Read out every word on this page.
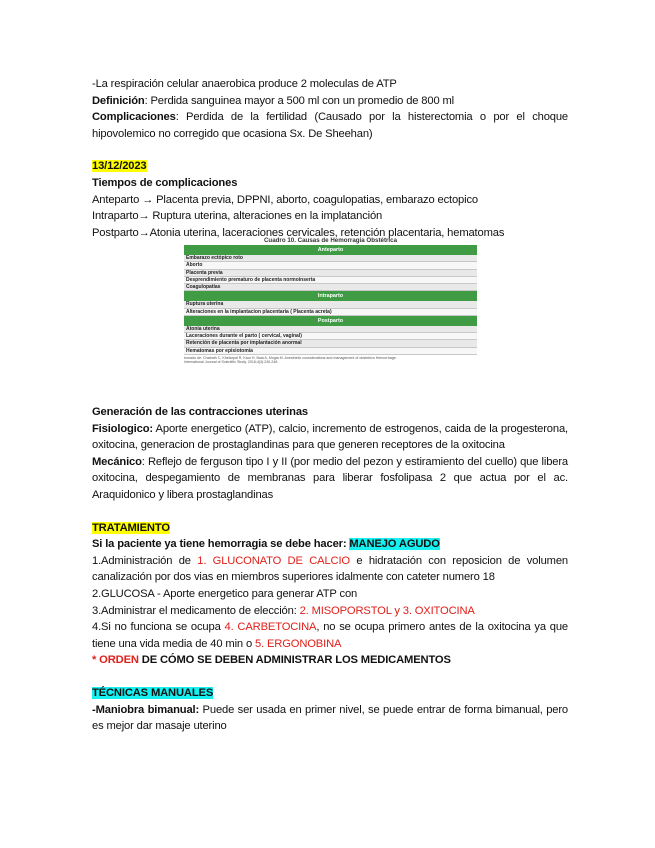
-La respiración celular anaerobica produce 2 moleculas de ATP
Definición: Perdida sanguinea mayor a 500 ml con un promedio de 800 ml
Complicaciones: Perdida de la fertilidad (Causado por la histerectomia o por el choque hipovolemico no corregido que ocasiona Sx. De Sheehan)
13/12/2023
Tiempos de complicaciones
Anteparto → Placenta previa, DPPNI, aborto, coagulopatias, embarazo ectopico
Intraparto→ Ruptura uterina, alteraciones en la implatanción
Postparto→Atonia uterina, laceraciones cervicales, retención placentaria, hematomas
Cuadro 10. Causas de Hemorragia Obstétrica
Anteparto
Embarazo ectópico roto
Aborto
Placenta previa
Desprendimiento prematuro de placenta normoinserta
Coagulopatías
Intraparto
Ruptura uterina
Alteraciones en la implantacion placentaria ( Placenta acreta)
Postparto
Atonía uterina
Laceraciones durante el parto ( cervical, vaginal)
Retención de placenta por implantación anormal
Hematomas por episiotomía
tomado de: Chatrath C, Khetarpal R, Kaur H, Bala A, Mogla M. Anesthetic considerations and management of obstetrics Hemorrhage.
International Journal of Scientific Study. 2016;4(3):240-248
Generación de las contracciones uterinas
Fisiologico: Aporte energetico (ATP), calcio, incremento de estrogenos, caida de la progesterona, oxitocina, generacion de prostaglandinas para que generen receptores de la oxitocina
Mecánico: Reflejo de ferguson tipo I y II (por medio del pezon y estiramiento del cuello) que libera oxitocina, despegamiento de membranas para liberar fosfolipasa 2 que actua por el ac. Araquidonico y libera prostaglandinas
TRATAMIENTO
Si la paciente ya tiene hemorragia se debe hacer: MANEJO AGUDO
1.Administración de 1. GLUCONATO DE CALCIO e hidratación con reposicion de volumen canalización por dos vias en miembros superiores idalmente con cateter numero 18
2.GLUCOSA - Aporte energetico para generar ATP con
3.Administrar el medicamento de elección: 2. MISOPORSTOL y 3. OXITOCINA
4.Si no funciona se ocupa 4. CARBETOCINA, no se ocupa primero antes de la oxitocina ya que tiene una vida media de 40 min o 5. ERGONOBINA
* ORDEN DE CÓMO SE DEBEN ADMINISTRAR LOS MEDICAMENTOS
TÉCNICAS MANUALES
-Maniobra bimanual: Puede ser usada en primer nivel, se puede entrar de forma bimanual, pero es mejor dar masaje uterino
